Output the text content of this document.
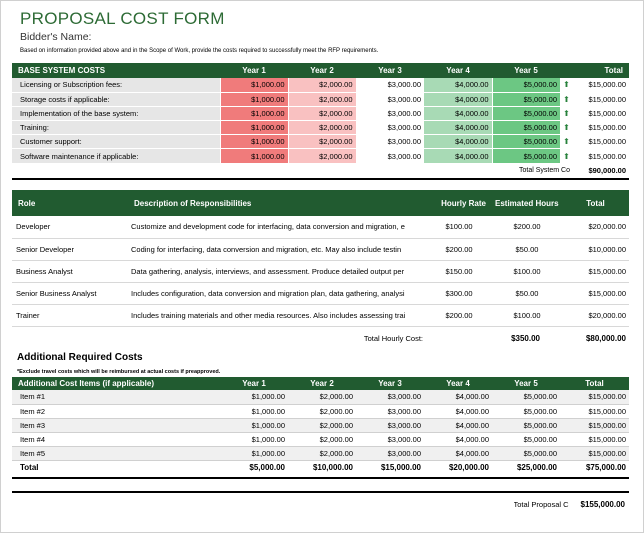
PROPOSAL COST FORM
Bidder's Name:
Based on information provided above and in the Scope of Work, provide the costs required to successfully meet the RFP requirements.
BASE SYSTEM COSTS	Year 1	Year 2	Year 3	Year 4	Year 5		Total
Licensing or Subscription fees:	$1,000.00	$2,000.00	$3,000.00	$4,000.00	$5,000.00	⬆	$15,000.00
Storage costs if applicable:	$1,000.00	$2,000.00	$3,000.00	$4,000.00	$5,000.00	⬆	$15,000.00
Implementation of the base system:	$1,000.00	$2,000.00	$3,000.00	$4,000.00	$5,000.00	⬆	$15,000.00
Training:	$1,000.00	$2,000.00	$3,000.00	$4,000.00	$5,000.00	⬆	$15,000.00
Customer support:	$1,000.00	$2,000.00	$3,000.00	$4,000.00	$5,000.00	⬆	$15,000.00
Software maintenance if applicable:	$1,000.00	$2,000.00	$3,000.00	$4,000.00	$5,000.00	⬆	$15,000.00
					Total System Co		$90,000.00
Role	Description of Responsibilities	Hourly Rate	Estimated Hours	Total
Developer	Customize and development code for interfacing, data conversion and migration, e	$100.00	$200.00	$20,000.00
Senior Developer	Coding for interfacing, data conversion and migration, etc. May also include testin	$200.00	$50.00	$10,000.00
Business Analyst	Data gathering, analysis, interviews, and assessment. Produce detailed output per	$150.00	$100.00	$15,000.00
Senior Business Analyst	Includes configuration, data conversion and migration plan, data gathering, analysi	$300.00	$50.00	$15,000.00
Trainer	Includes training materials and other media resources. Also includes assessing trai	$200.00	$100.00	$20,000.00
	Total Hourly Cost:	$350.00		$80,000.00
Additional Required Costs
*Exclude travel costs which will be reimbursed at actual costs if preapproved.
Additional Cost Items (if applicable)	Year 1	Year 2	Year 3	Year 4	Year 5	Total
Item #1	$1,000.00	$2,000.00	$3,000.00	$4,000.00	$5,000.00	$15,000.00
Item #2	$1,000.00	$2,000.00	$3,000.00	$4,000.00	$5,000.00	$15,000.00
Item #3	$1,000.00	$2,000.00	$3,000.00	$4,000.00	$5,000.00	$15,000.00
Item #4	$1,000.00	$2,000.00	$3,000.00	$4,000.00	$5,000.00	$15,000.00
Item #5	$1,000.00	$2,000.00	$3,000.00	$4,000.00	$5,000.00	$15,000.00
Total	$5,000.00	$10,000.00	$15,000.00	$20,000.00	$25,000.00	$75,000.00
Total Proposal C	$155,000.00
